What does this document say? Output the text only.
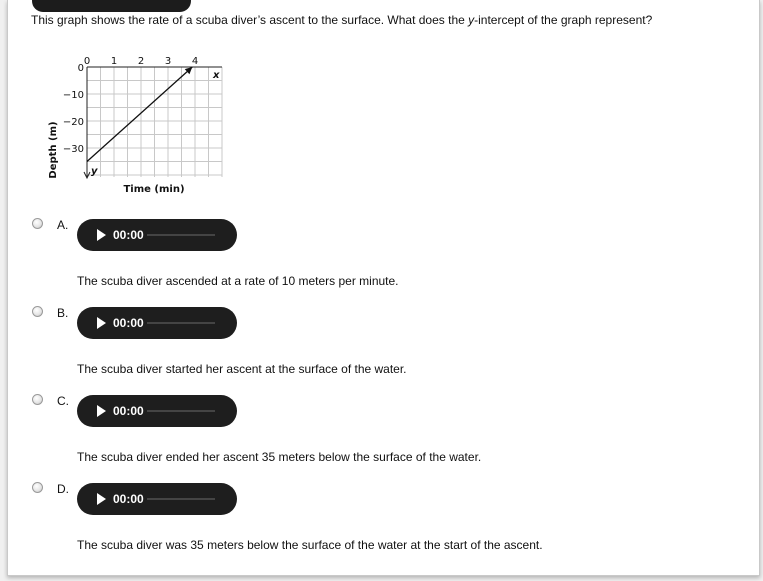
This graph shows the rate of a scuba diver’s ascent to the surface. What does the y-intercept of the graph represent?
Depth (m)
Time (min)
x
y
0 1 2 3 4
0
−10
−20
−30
A.
00:00
The scuba diver ascended at a rate of 10 meters per minute.
B.
00:00
The scuba diver started her ascent at the surface of the water.
C.
00:00
The scuba diver ended her ascent 35 meters below the surface of the water.
D.
00:00
The scuba diver was 35 meters below the surface of the water at the start of the ascent.
